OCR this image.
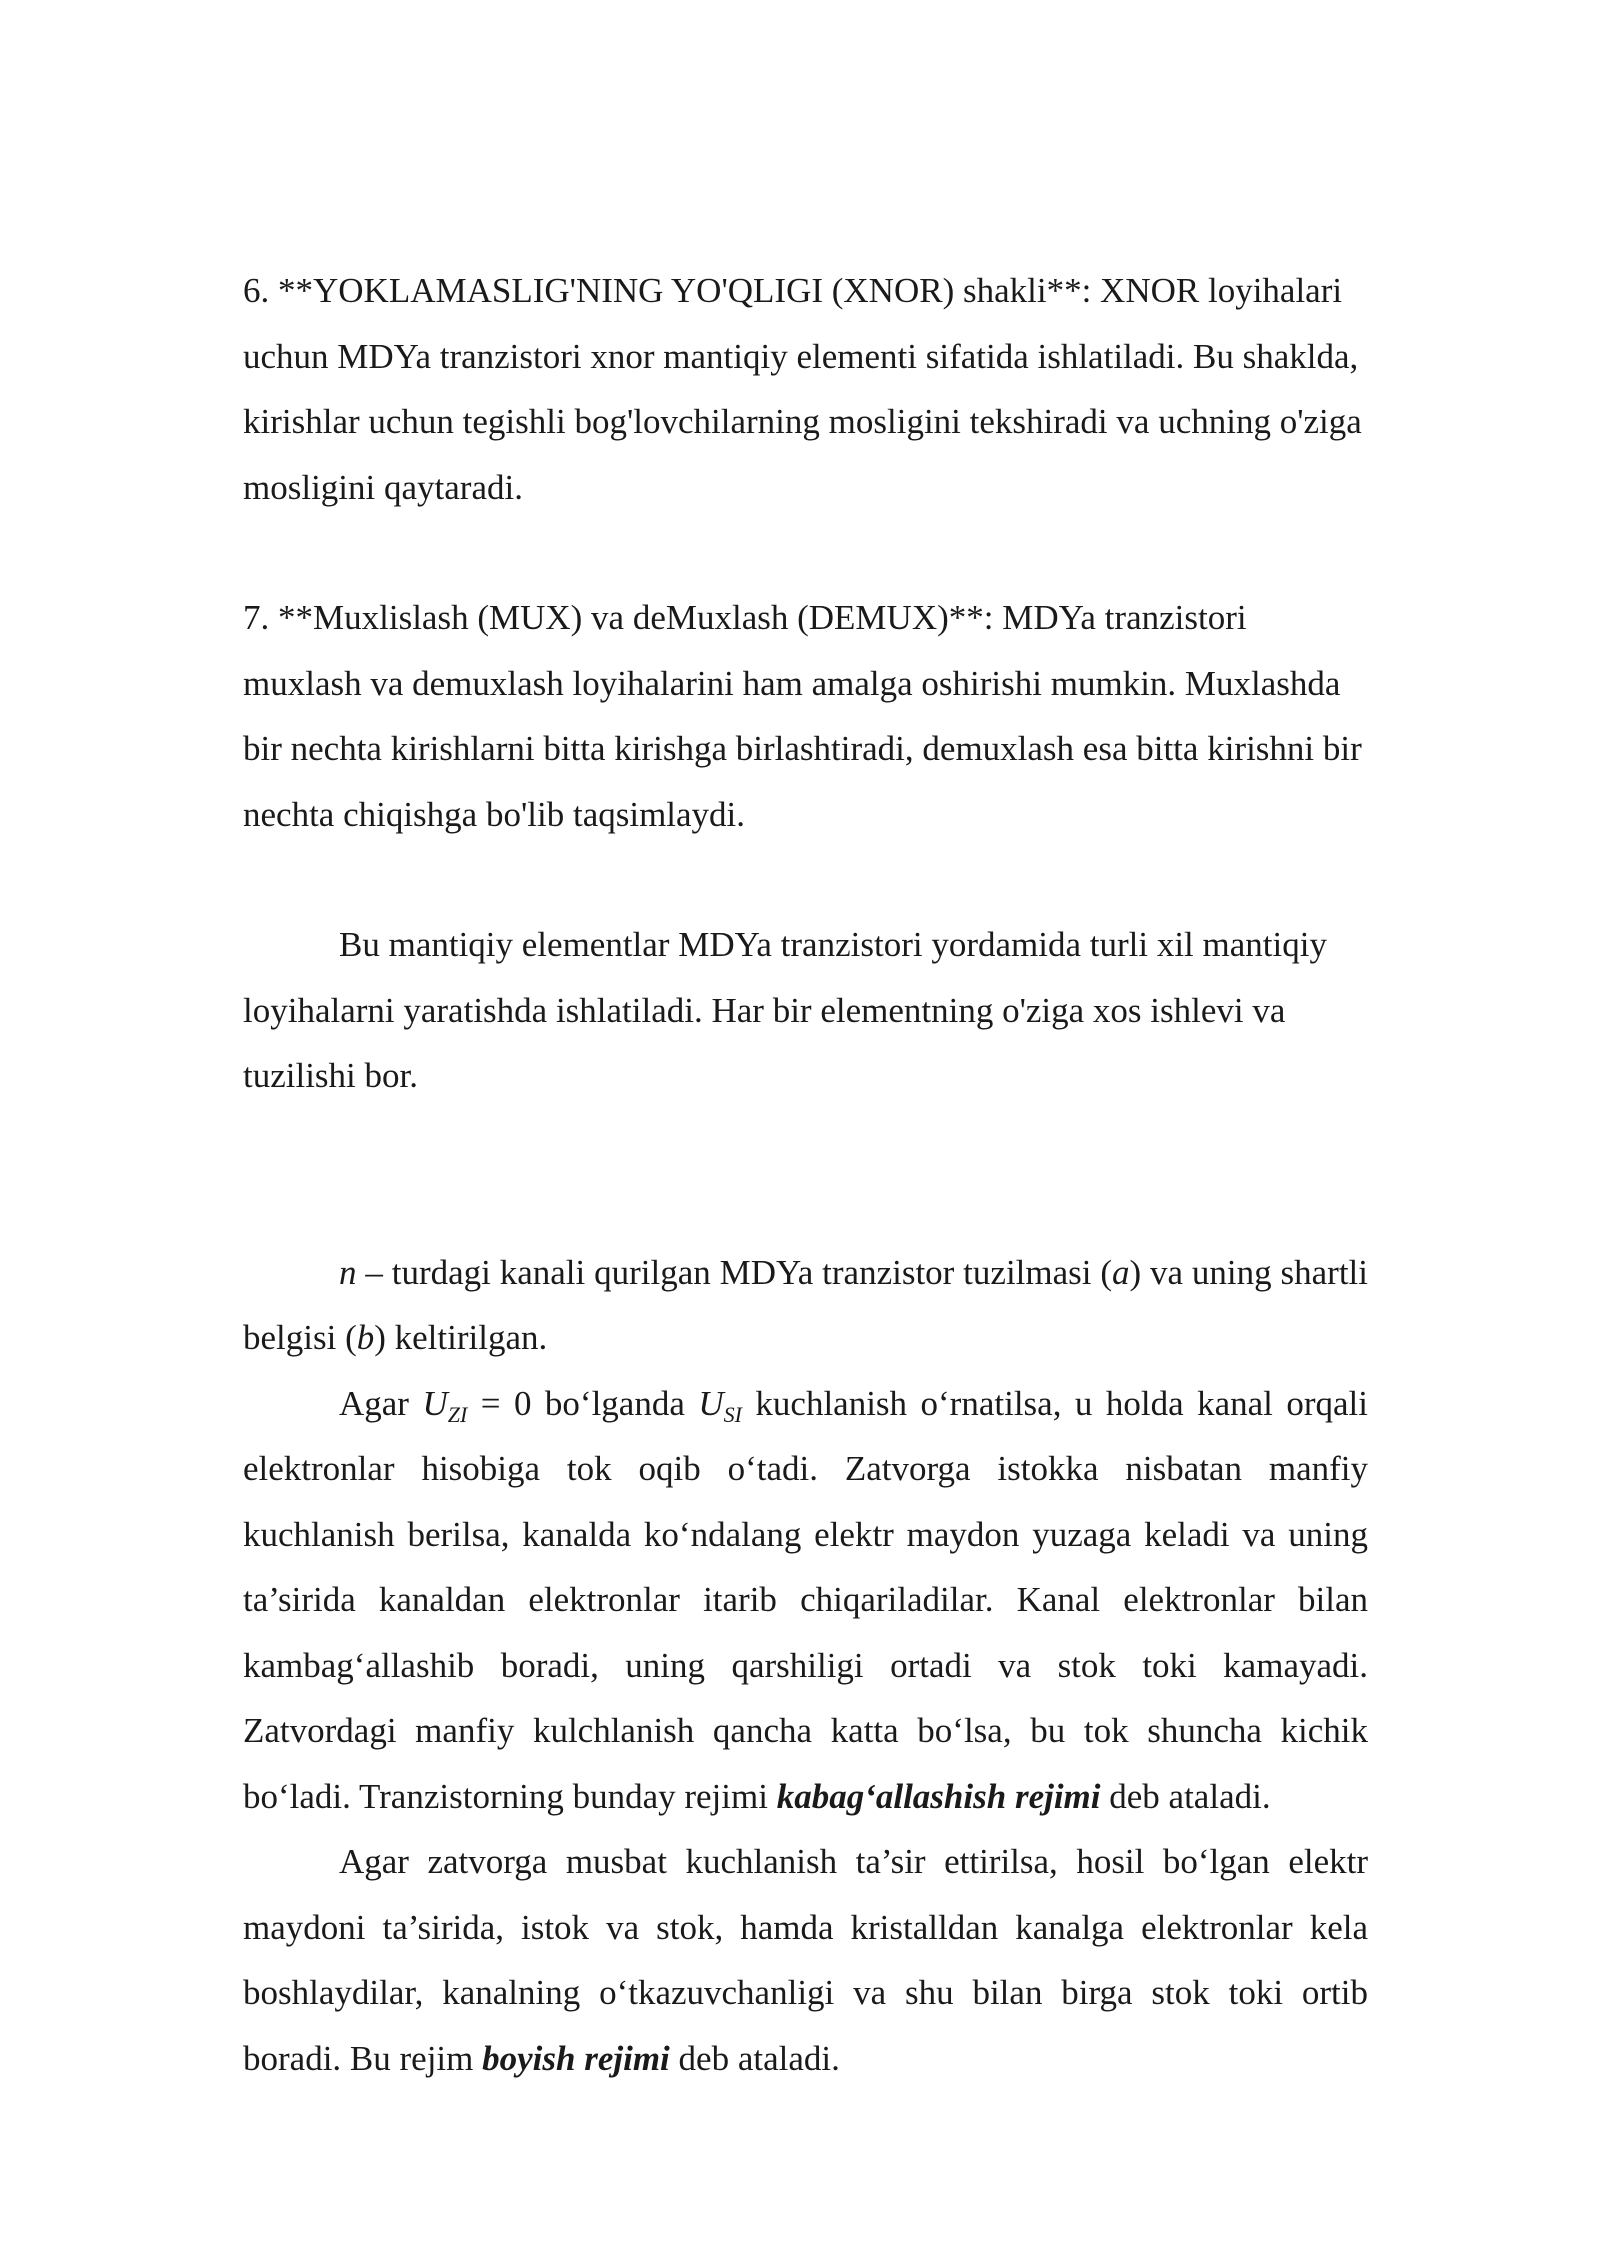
6. **YOKLAMASLIG'NING YO'QLIGI (XNOR) shakli**: XNOR loyihalari uchun MDYa tranzistori xnor mantiqiy elementi sifatida ishlatiladi. Bu shaklda, kirishlar uchun tegishli bog'lovchilarning mosligini tekshiradi va uchning o'ziga mosligini qaytaradi.

7. **Muxlislash (MUX) va deMuxlash (DEMUX)**: MDYa tranzistori muxlash va demuxlash loyihalarini ham amalga oshirishi mumkin. Muxlashda bir nechta kirishlarni bitta kirishga birlashtiradi, demuxlash esa bitta kirishni bir nechta chiqishga bo'lib taqsimlaydi.

Bu mantiqiy elementlar MDYa tranzistori yordamida turli xil mantiqiy loyihalarni yaratishda ishlatiladi. Har bir elementning o'ziga xos ishlevi va tuzilishi bor.

n – turdagi kanali qurilgan MDYa tranzistor tuzilmasi (a) va uning shartli belgisi (b) keltirilgan.

Agar $U_{ZI} = 0$ bo‘lganda $U_{SI}$ kuchlanish o‘rnatilsa, u holda kanal orqali elektronlar hisobiga tok oqib o‘tadi. Zatvorga istokka nisbatan manfiy kuchlanish berilsa, kanalda ko‘ndalang elektr maydon yuzaga keladi va uning ta’sirida kanaldan elektronlar itarib chiqariladilar. Kanal elektronlar bilan kambag‘allashib boradi, uning qarshiligi ortadi va stok toki kamayadi. Zatvordagi manfiy kulchlanish qancha katta bo‘lsa, bu tok shuncha kichik bo‘ladi. Tranzistorning bunday rejimi kabag‘allashish rejimi deb ataladi.

Agar zatvorga musbat kuchlanish ta’sir ettirilsa, hosil bo‘lgan elektr maydoni ta’sirida, istok va stok, hamda kristalldan kanalga elektronlar kela boshlaydilar, kanalning o‘tkazuvchanligi va shu bilan birga stok toki ortib boradi. Bu rejim boyish rejimi deb ataladi.
